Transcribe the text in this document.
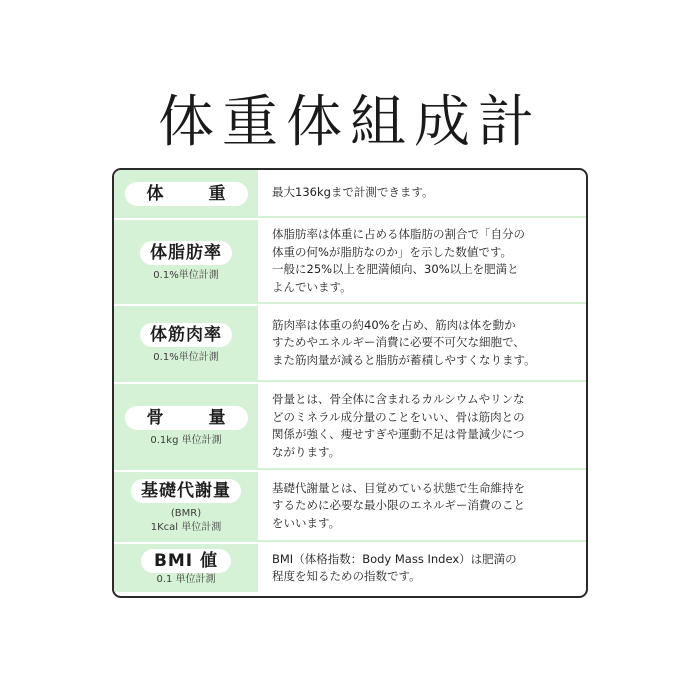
体重体組成計
体　重	最大136kgまで計測できます。

体脂肪率
0.1%単位計測

体脂肪率は体重に占める体脂肪の割合で「自分の
体重の何%が脂肪なのか」を示した数値です。
一般に25%以上を肥満傾向、30%以上を肥満と
よんでいます。

体筋肉率
0.1%単位計測

筋肉率は体重の約40%を占め、筋肉は体を動か
すためやエネルギー消費に必要不可欠な細胞で、
また筋肉量が減ると脂肪が蓄積しやすくなります。

骨　量
0.1kg 単位計測

骨量とは、骨全体に含まれるカルシウムやリンな
どのミネラル成分量のことをいい、骨は筋肉との
関係が強く、痩せすぎや運動不足は骨量減少につ
ながります。

基礎代謝量
(BMR)
1Kcal 単位計測

基礎代謝量とは、目覚めている状態で生命維持を
するために必要な最小限のエネルギー消費のこと
をいいます。

BMI 値
0.1 単位計測

BMI（体格指数：Body Mass Index）は肥満の
程度を知るための指数です。
